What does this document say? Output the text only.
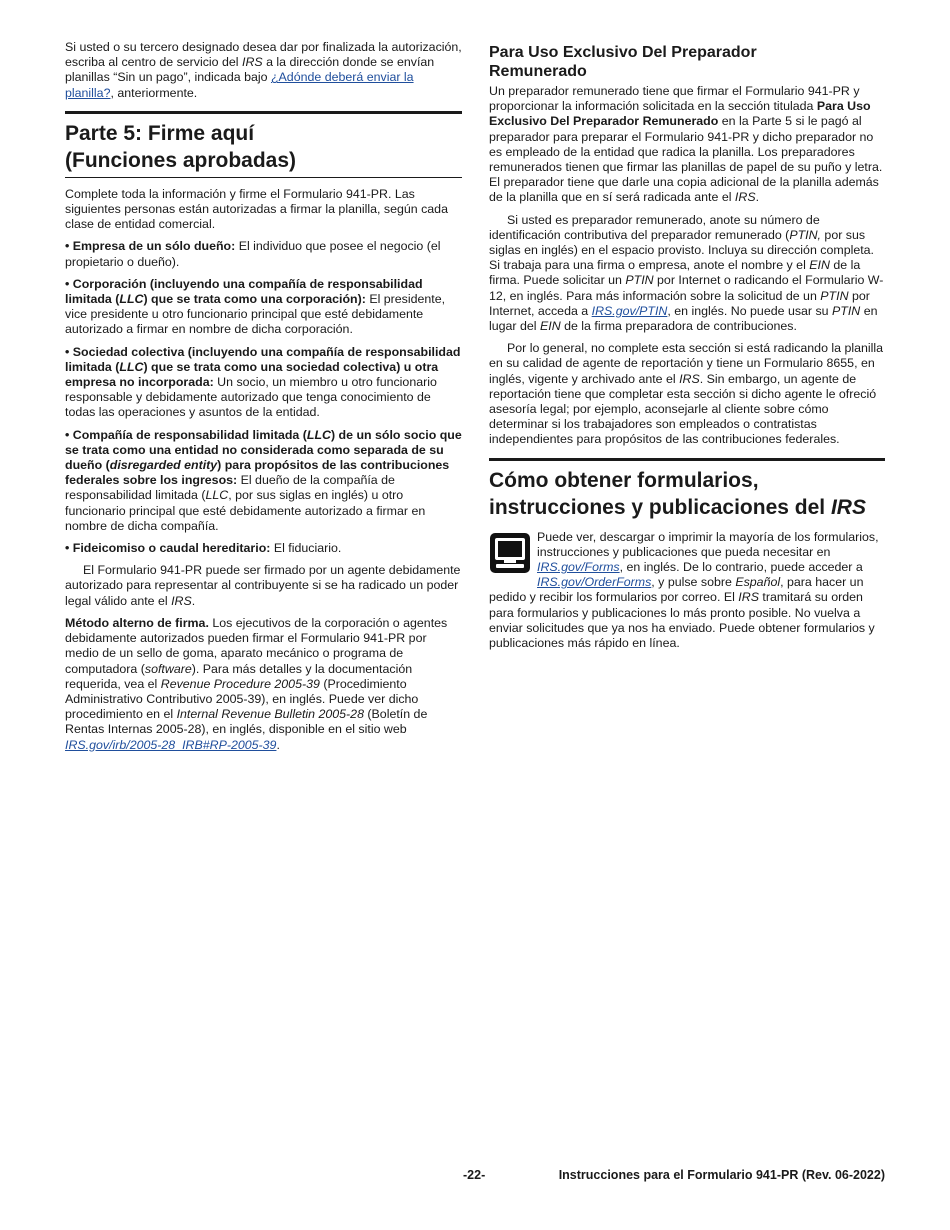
Si usted o su tercero designado desea dar por finalizada la autorización, escriba al centro de servicio del IRS a la dirección donde se envían planillas “Sin un pago”, indicada bajo ¿Adónde deberá enviar la planilla?, anteriormente.

Parte 5: Firme aquí
(Funciones aprobadas)

Complete toda la información y firme el Formulario 941-PR. Las siguientes personas están autorizadas a firmar la planilla, según cada clase de entidad comercial.

• Empresa de un sólo dueño: El individuo que posee el negocio (el propietario o dueño).

• Corporación (incluyendo una compañía de responsabilidad limitada (LLC) que se trata como una corporación): El presidente, vice presidente u otro funcionario principal que esté debidamente autorizado a firmar en nombre de dicha corporación.

• Sociedad colectiva (incluyendo una compañía de responsabilidad limitada (LLC) que se trata como una sociedad colectiva) u otra empresa no incorporada: Un socio, un miembro u otro funcionario responsable y debidamente autorizado que tenga conocimiento de todas las operaciones y asuntos de la entidad.

• Compañía de responsabilidad limitada (LLC) de un sólo socio que se trata como una entidad no considerada como separada de su dueño (disregarded entity) para propósitos de las contribuciones federales sobre los ingresos: El dueño de la compañía de responsabilidad limitada (LLC, por sus siglas en inglés) u otro funcionario principal que esté debidamente autorizado a firmar en nombre de dicha compañía.

• Fideicomiso o caudal hereditario: El fiduciario.

El Formulario 941-PR puede ser firmado por un agente debidamente autorizado para representar al contribuyente si se ha radicado un poder legal válido ante el IRS.

Método alterno de firma. Los ejecutivos de la corporación o agentes debidamente autorizados pueden firmar el Formulario 941-PR por medio de un sello de goma, aparato mecánico o programa de computadora (software). Para más detalles y la documentación requerida, vea el Revenue Procedure 2005-39 (Procedimiento Administrativo Contributivo 2005-39), en inglés. Puede ver dicho procedimiento en el Internal Revenue Bulletin 2005-28 (Boletín de Rentas Internas 2005-28), en inglés, disponible en el sitio web IRS.gov/irb/2005-28_IRB#RP-2005-39.

Para Uso Exclusivo Del Preparador
Remunerado

Un preparador remunerado tiene que firmar el Formulario 941-PR y proporcionar la información solicitada en la sección titulada Para Uso Exclusivo Del Preparador Remunerado en la Parte 5 si le pagó al preparador para preparar el Formulario 941-PR y dicho preparador no es empleado de la entidad que radica la planilla. Los preparadores remunerados tienen que firmar las planillas de papel de su puño y letra. El preparador tiene que darle una copia adicional de la planilla además de la planilla que en sí será radicada ante el IRS.

Si usted es preparador remunerado, anote su número de identificación contributiva del preparador remunerado (PTIN, por sus siglas en inglés) en el espacio provisto. Incluya su dirección completa. Si trabaja para una firma o empresa, anote el nombre y el EIN de la firma. Puede solicitar un PTIN por Internet o radicando el Formulario W-12, en inglés. Para más información sobre la solicitud de un PTIN por Internet, acceda a IRS.gov/PTIN, en inglés. No puede usar su PTIN en lugar del EIN de la firma preparadora de contribuciones.

Por lo general, no complete esta sección si está radicando la planilla en su calidad de agente de reportación y tiene un Formulario 8655, en inglés, vigente y archivado ante el IRS. Sin embargo, un agente de reportación tiene que completar esta sección si dicho agente le ofreció asesoría legal; por ejemplo, aconsejarle al cliente sobre cómo determinar si los trabajadores son empleados o contratistas independientes para propósitos de las contribuciones federales.

Cómo obtener formularios,
instrucciones y publicaciones del IRS

Puede ver, descargar o imprimir la mayoría de los formularios, instrucciones y publicaciones que pueda necesitar en IRS.gov/Forms, en inglés. De lo contrario, puede acceder a IRS.gov/OrderForms, y pulse sobre Español, para hacer un pedido y recibir los formularios por correo. El IRS tramitará su orden para formularios y publicaciones lo más pronto posible. No vuelva a enviar solicitudes que ya nos ha enviado. Puede obtener formularios y publicaciones más rápido en línea.

-22-	Instrucciones para el Formulario 941-PR (Rev. 06-2022)
